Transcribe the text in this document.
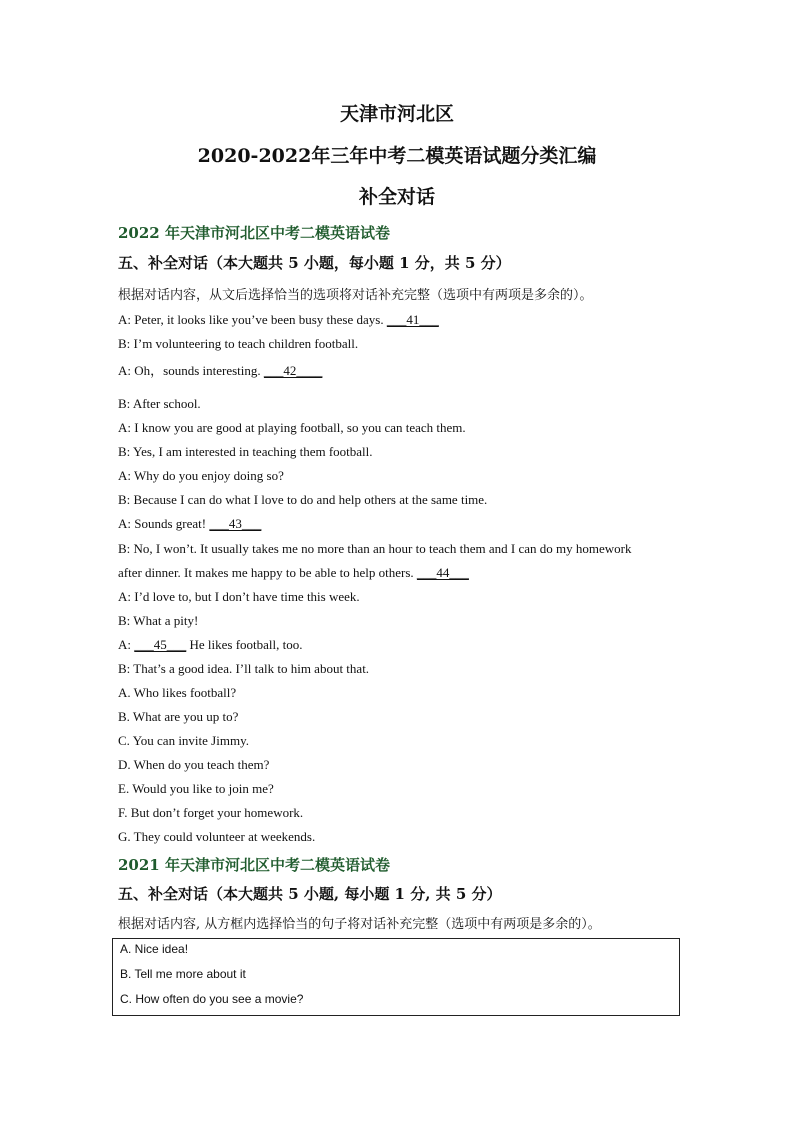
天津市河北区
2020-2022年三年中考二模英语试题分类汇编
补全对话
2022 年天津市河北区中考二模英语试卷
五、补全对话（本大题共 5 小题，每小题 1 分，共 5 分）
根据对话内容，从文后选择恰当的选项将对话补充完整（选项中有两项是多余的）。
A: Peter, it looks like you’ve been busy these days. ___41___
B: I’m volunteering to teach children football.
A: Oh，sounds interesting. ___42____
B: After school.
A: I know you are good at playing football, so you can teach them.
B: Yes, I am interested in teaching them football.
A: Why do you enjoy doing so?
B: Because I can do what I love to do and help others at the same time.
A: Sounds great! ___43___
B: No, I won’t. It usually takes me no more than an hour to teach them and I can do my homework
after dinner. It makes me happy to be able to help others. ___44___
A: I’d love to, but I don’t have time this week.
B: What a pity!
A: ___45___ He likes football, too.
B: That’s a good idea. I’ll talk to him about that.
A. Who likes football?
B. What are you up to?
C. You can invite Jimmy.
D. When do you teach them?
E. Would you like to join me?
F. But don’t forget your homework.
G. They could volunteer at weekends.
2021 年天津市河北区中考二模英语试卷
五、补全对话（本大题共 5 小题, 每小题 1 分, 共 5 分）
根据对话内容, 从方框内选择恰当的句子将对话补充完整（选项中有两项是多余的）。
A. Nice idea!
B. Tell me more about it
C. How often do you see a movie?
